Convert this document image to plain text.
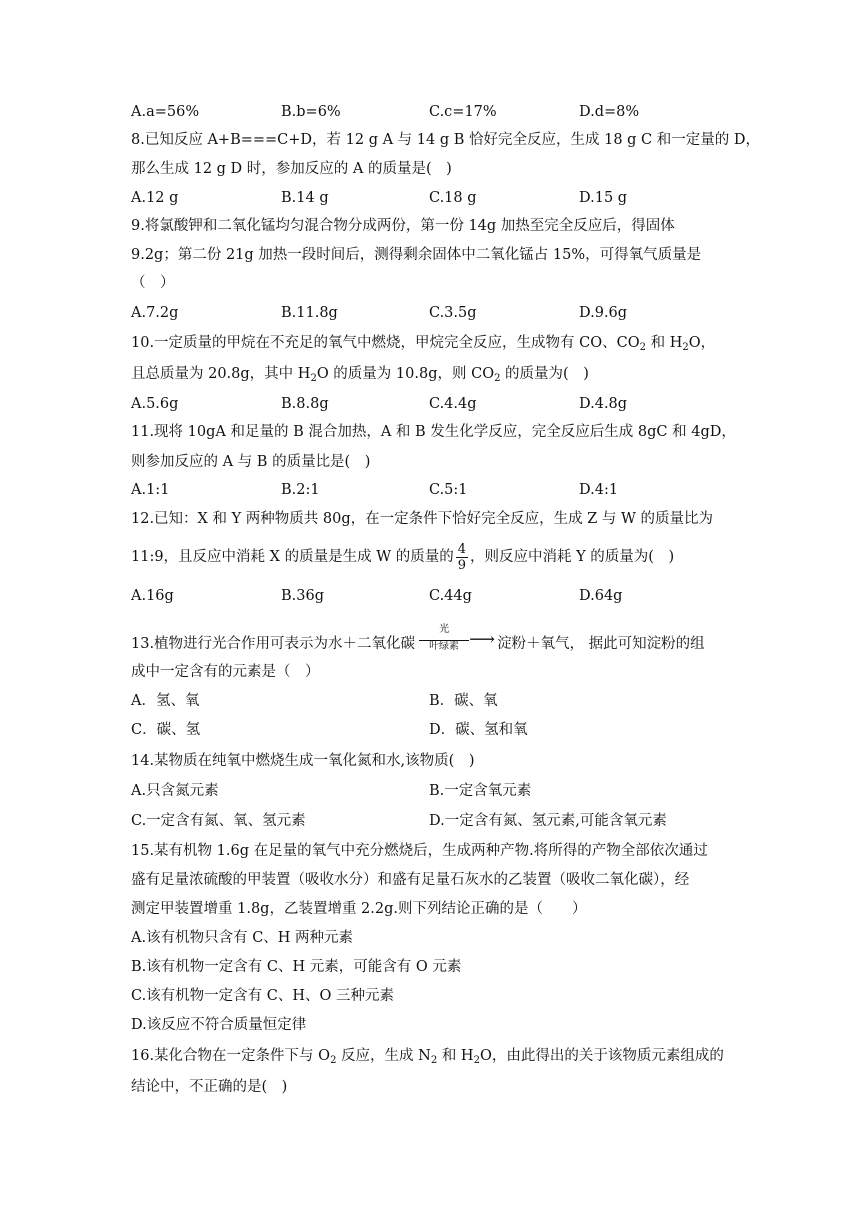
A.a=56%	B.b=6%	C.c=17%	D.d=8%
8.已知反应 A+B===C+D，若 12 g A 与 14 g B 恰好完全反应，生成 18 g C 和一定量的 D，
那么生成 12 g D 时，参加反应的 A 的质量是(　)
A.12 g	B.14 g	C.18 g	D.15 g
9.将氯酸钾和二氧化锰均匀混合物分成两份，第一份 14g 加热至完全反应后，得固体
9.2g；第二份 21g 加热一段时间后，测得剩余固体中二氧化锰占 15%，可得氧气质量是
（　）
A.7.2g	B.11.8g	C.3.5g	D.9.6g
10.一定质量的甲烷在不充足的氧气中燃烧，甲烷完全反应，生成物有 CO、$CO_2$ 和 $H_2O$，
且总质量为 20.8g，其中 $H_2O$ 的质量为 10.8g，则 $CO_2$ 的质量为(　)
A.5.6g	B.8.8g	C.4.4g	D.4.8g
11.现将 10gA 和足量的 B 混合加热，A 和 B 发生化学反应，完全反应后生成 8gC 和 4gD，
则参加反应的 A 与 B 的质量比是(　)
A.1:1	B.2:1	C.5:1	D.4:1
12.已知：X 和 Y 两种物质共 80g，在一定条件下恰好完全反应，生成 Z 与 W 的质量比为
11:9，且反应中消耗 X 的质量是生成 W 的质量的 $\frac{4}{9}$ ，则反应中消耗 Y 的质量为(　)
A.16g	B.36g	C.44g	D.64g
13.植物进行光合作用可表示为水＋二氧化碳
光
叶绿素 ⟶ 淀粉＋氧气， 据此可知淀粉的组
成中一定含有的元素是（　）
A．氢、氧	B．碳、氧
C．碳、氢	D．碳、氢和氧
14.某物质在纯氧中燃烧生成一氧化氮和水,该物质(　)
A.只含氮元素	B.一定含氧元素
C.一定含有氮、氧、氢元素	D.一定含有氮、氢元素,可能含氧元素
15.某有机物 1.6g 在足量的氧气中充分燃烧后，生成两种产物.将所得的产物全部依次通过
盛有足量浓硫酸的甲装置（吸收水分）和盛有足量石灰水的乙装置（吸收二氧化碳），经
测定甲装置增重 1.8g，乙装置增重 2.2g.则下列结论正确的是（　　）
A.该有机物只含有 C、H 两种元素
B.该有机物一定含有 C、H 元素，可能含有 O 元素
C.该有机物一定含有 C、H、O 三种元素
D.该反应不符合质量恒定律
16.某化合物在一定条件下与 $O_2$ 反应，生成 $N_2$ 和 $H_2O$，由此得出的关于该物质元素组成的
结论中，不正确的是(　)
